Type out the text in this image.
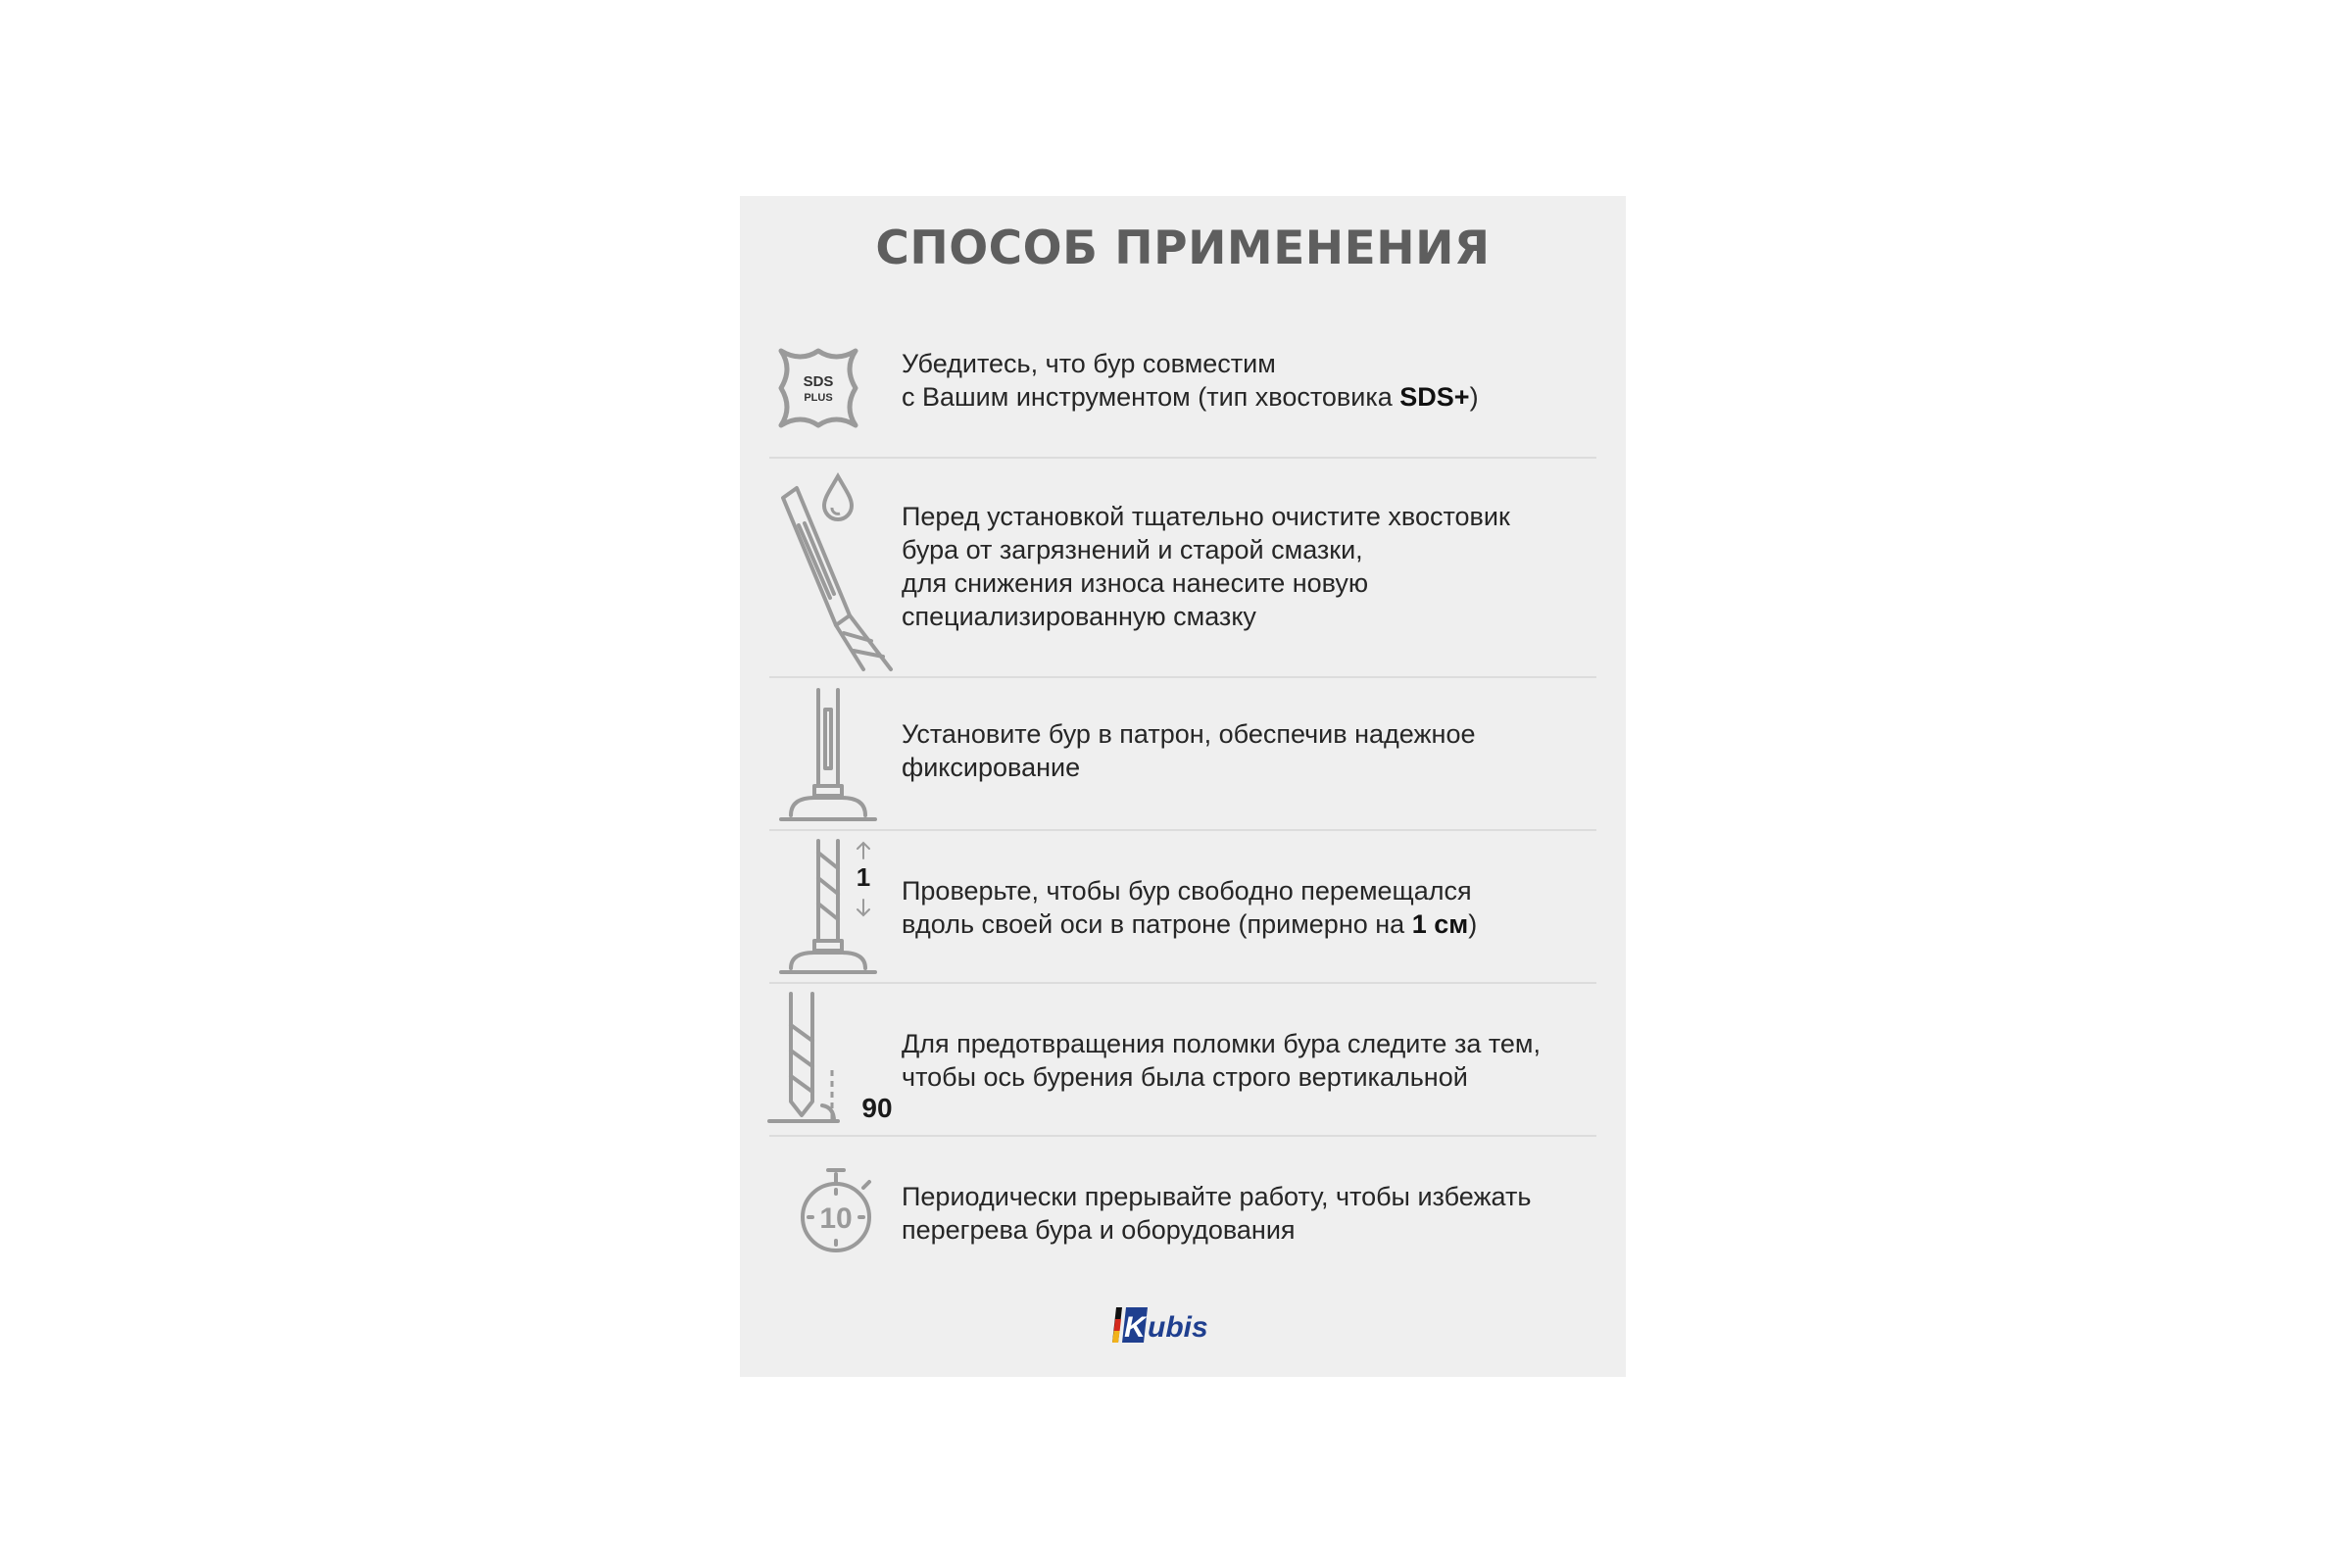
СПОСОБ ПРИМЕНЕНИЯ
SDS
PLUS
Убедитесь, что бур совместим
с Вашим инструментом (тип хвостовика SDS+)
Перед установкой тщательно очистите хвостовик
бура от загрязнений и старой смазки,
для снижения износа нанесите новую
специализированную смазку
Установите бур в патрон, обеспечив надежное
фиксирование
1 Проверьте, чтобы бур свободно перемещался
вдоль своей оси в патроне (примерно на 1 см)
90
Для предотвращения поломки бура следите за тем,
чтобы ось бурения была строго вертикальной
10
Периодически прерывайте работу, чтобы избежать
перегрева бура и оборудования
K ubis
